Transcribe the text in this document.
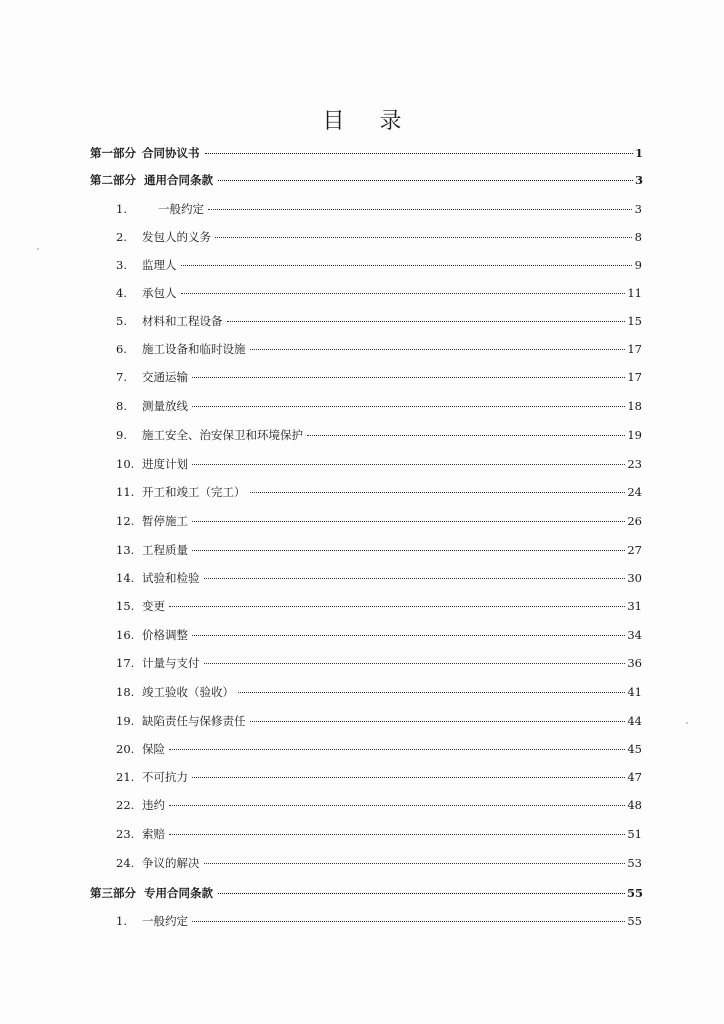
目 录
第一部分 合同协议书	1
第二部分 通用合同条款	3
1.	一般约定	3
2.	发包人的义务	8
3.	监理人	9
4.	承包人	11
5.	材料和工程设备	15
6.	施工设备和临时设施	17
7.	交通运输	17
8.	测量放线	18
9.	施工安全、治安保卫和环境保护	19
10. 进度计划	23
11. 开工和竣工（完工）	24
12. 暂停施工	26
13. 工程质量	27
14. 试验和检验	30
15. 变更	31
16. 价格调整	34
17. 计量与支付	36
18. 竣工验收（验收）	41
19. 缺陷责任与保修责任	44
20. 保险	45
21. 不可抗力	47
22. 违约	48
23. 索赔	51
24. 争议的解决	53
第三部分 专用合同条款	55
1.	一般约定	55
